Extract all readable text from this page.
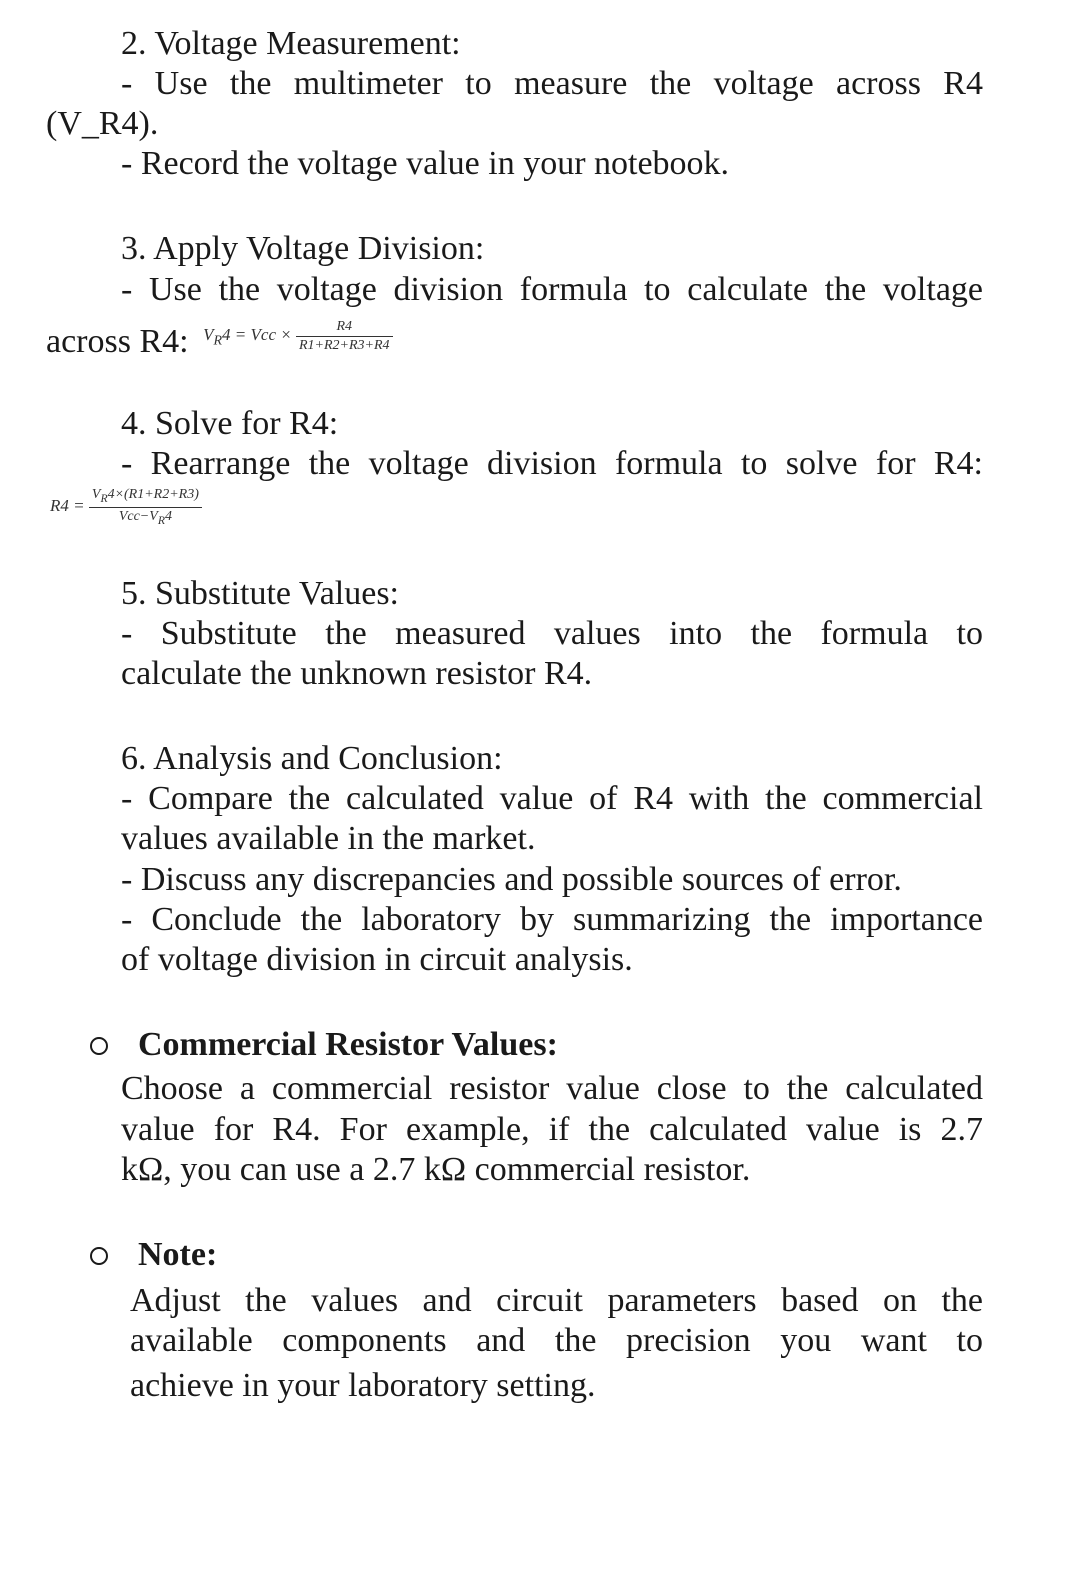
2. Voltage Measurement:
- Use the multimeter to measure the voltage across R4
(V_R4).
- Record the voltage value in your notebook.
3. Apply Voltage Division:
- Use the voltage division formula to calculate the voltage
across R4: $^{V_R4 = Vcc \times \frac{R4}{R1+R2+R3+R4}}$
4. Solve for R4:
- Rearrange the voltage division formula to solve for R4:
$R4 = \frac{V_R4\times(R1+R2+R3)}{Vcc-V_R4}$
5. Substitute Values:
- Substitute the measured values into the formula to
calculate the unknown resistor R4.
6. Analysis and Conclusion:
- Compare the calculated value of R4 with the commercial
values available in the market.
- Discuss any discrepancies and possible sources of error.
- Conclude the laboratory by summarizing the importance
of voltage division in circuit analysis.
Commercial Resistor Values:
Choose a commercial resistor value close to the calculated
value for R4. For example, if the calculated value is 2.7
kΩ, you can use a 2.7 kΩ commercial resistor.
Note:
Adjust the values and circuit parameters based on the
available components and the precision you want to
achieve in your laboratory setting.
